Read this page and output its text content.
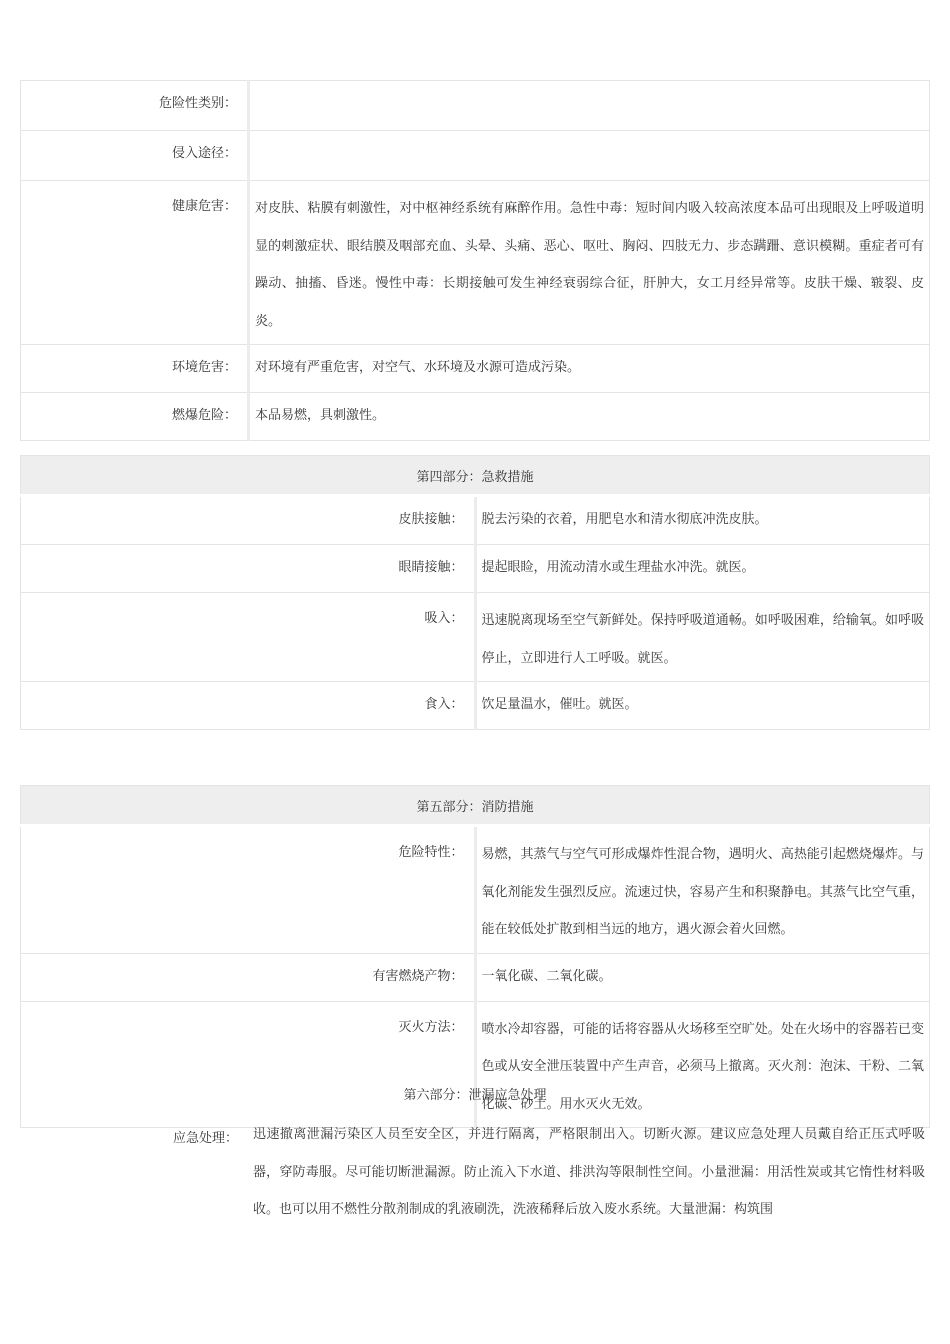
危险性类别：	
侵入途径：	
健康危害：	对皮肤、粘膜有刺激性，对中枢神经系统有麻醉作用。急性中毒：短时间内吸入较高浓度本品可出现眼及上呼吸道明显的刺激症状、眼结膜及咽部充血、头晕、头痛、恶心、呕吐、胸闷、四肢无力、步态蹒跚、意识模糊。重症者可有躁动、抽搐、昏迷。慢性中毒：长期接触可发生神经衰弱综合征，肝肿大，女工月经异常等。皮肤干燥、皲裂、皮炎。
环境危害：	对环境有严重危害，对空气、水环境及水源可造成污染。
燃爆危险：	本品易燃，具刺激性。
第四部分：急救措施	
皮肤接触：	脱去污染的衣着，用肥皂水和清水彻底冲洗皮肤。
眼睛接触：	提起眼睑，用流动清水或生理盐水冲洗。就医。
吸入：	迅速脱离现场至空气新鲜处。保持呼吸道通畅。如呼吸困难，给输氧。如呼吸停止，立即进行人工呼吸。就医。
食入：	饮足量温水，催吐。就医。
第五部分：消防措施	
危险特性：	易燃，其蒸气与空气可形成爆炸性混合物，遇明火、高热能引起燃烧爆炸。与氧化剂能发生强烈反应。流速过快，容易产生和积聚静电。其蒸气比空气重，能在较低处扩散到相当远的地方，遇火源会着火回燃。
有害燃烧产物：	一氧化碳、二氧化碳。
灭火方法：	喷水冷却容器，可能的话将容器从火场移至空旷处。处在火场中的容器若已变色或从安全泄压装置中产生声音，必须马上撤离。灭火剂：泡沫、干粉、二氧化碳、砂土。用水灭火无效。
第六部分：泄漏应急处理
应急处理： 迅速撤离泄漏污染区人员至安全区，并进行隔离，严格限制出入。切断火源。建议应急处理人员戴自给正压式呼吸器，穿防毒服。尽可能切断泄漏源。防止流入下水道、排洪沟等限制性空间。小量泄漏：用活性炭或其它惰性材料吸收。也可以用不燃性分散剂制成的乳液刷洗，洗液稀释后放入废水系统。大量泄漏：构筑围
